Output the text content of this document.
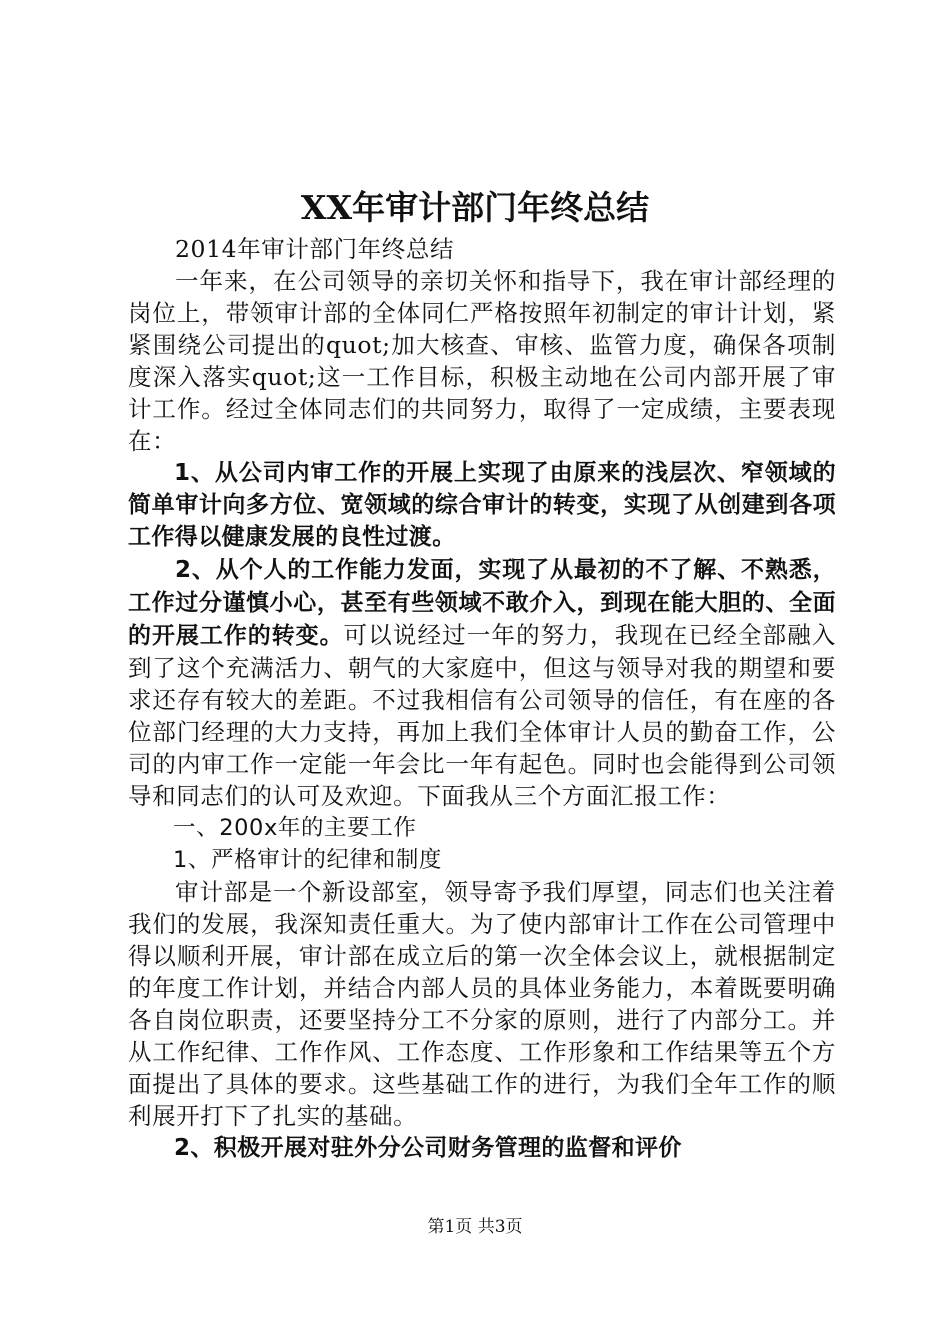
XX年审计部门年终总结

2014年审计部门年终总结

一年来，在公司领导的亲切关怀和指导下，我在审计部经理的岗位上，带领审计部的全体同仁严格按照年初制定的审计计划，紧紧围绕公司提出的quot;加大核查、审核、监管力度，确保各项制度深入落实quot;这一工作目标，积极主动地在公司内部开展了审计工作。经过全体同志们的共同努力，取得了一定成绩，主要表现在：

1、从公司内审工作的开展上实现了由原来的浅层次、窄领域的简单审计向多方位、宽领域的综合审计的转变，实现了从创建到各项工作得以健康发展的良性过渡。

2、从个人的工作能力发面，实现了从最初的不了解、不熟悉，工作过分谨慎小心，甚至有些领域不敢介入，到现在能大胆的、全面的开展工作的转变。可以说经过一年的努力，我现在已经全部融入到了这个充满活力、朝气的大家庭中，但这与领导对我的期望和要求还存有较大的差距。不过我相信有公司领导的信任，有在座的各位部门经理的大力支持，再加上我们全体审计人员的勤奋工作，公司的内审工作一定能一年会比一年有起色。同时也会能得到公司领导和同志们的认可及欢迎。下面我从三个方面汇报工作：

一、200x年的主要工作

1、严格审计的纪律和制度

审计部是一个新设部室，领导寄予我们厚望，同志们也关注着我们的发展，我深知责任重大。为了使内部审计工作在公司管理中得以顺利开展，审计部在成立后的第一次全体会议上，就根据制定的年度工作计划，并结合内部人员的具体业务能力，本着既要明确各自岗位职责，还要坚持分工不分家的原则，进行了内部分工。并从工作纪律、工作作风、工作态度、工作形象和工作结果等五个方面提出了具体的要求。这些基础工作的进行，为我们全年工作的顺利展开打下了扎实的基础。

2、积极开展对驻外分公司财务管理的监督和评价

第1页 共3页
